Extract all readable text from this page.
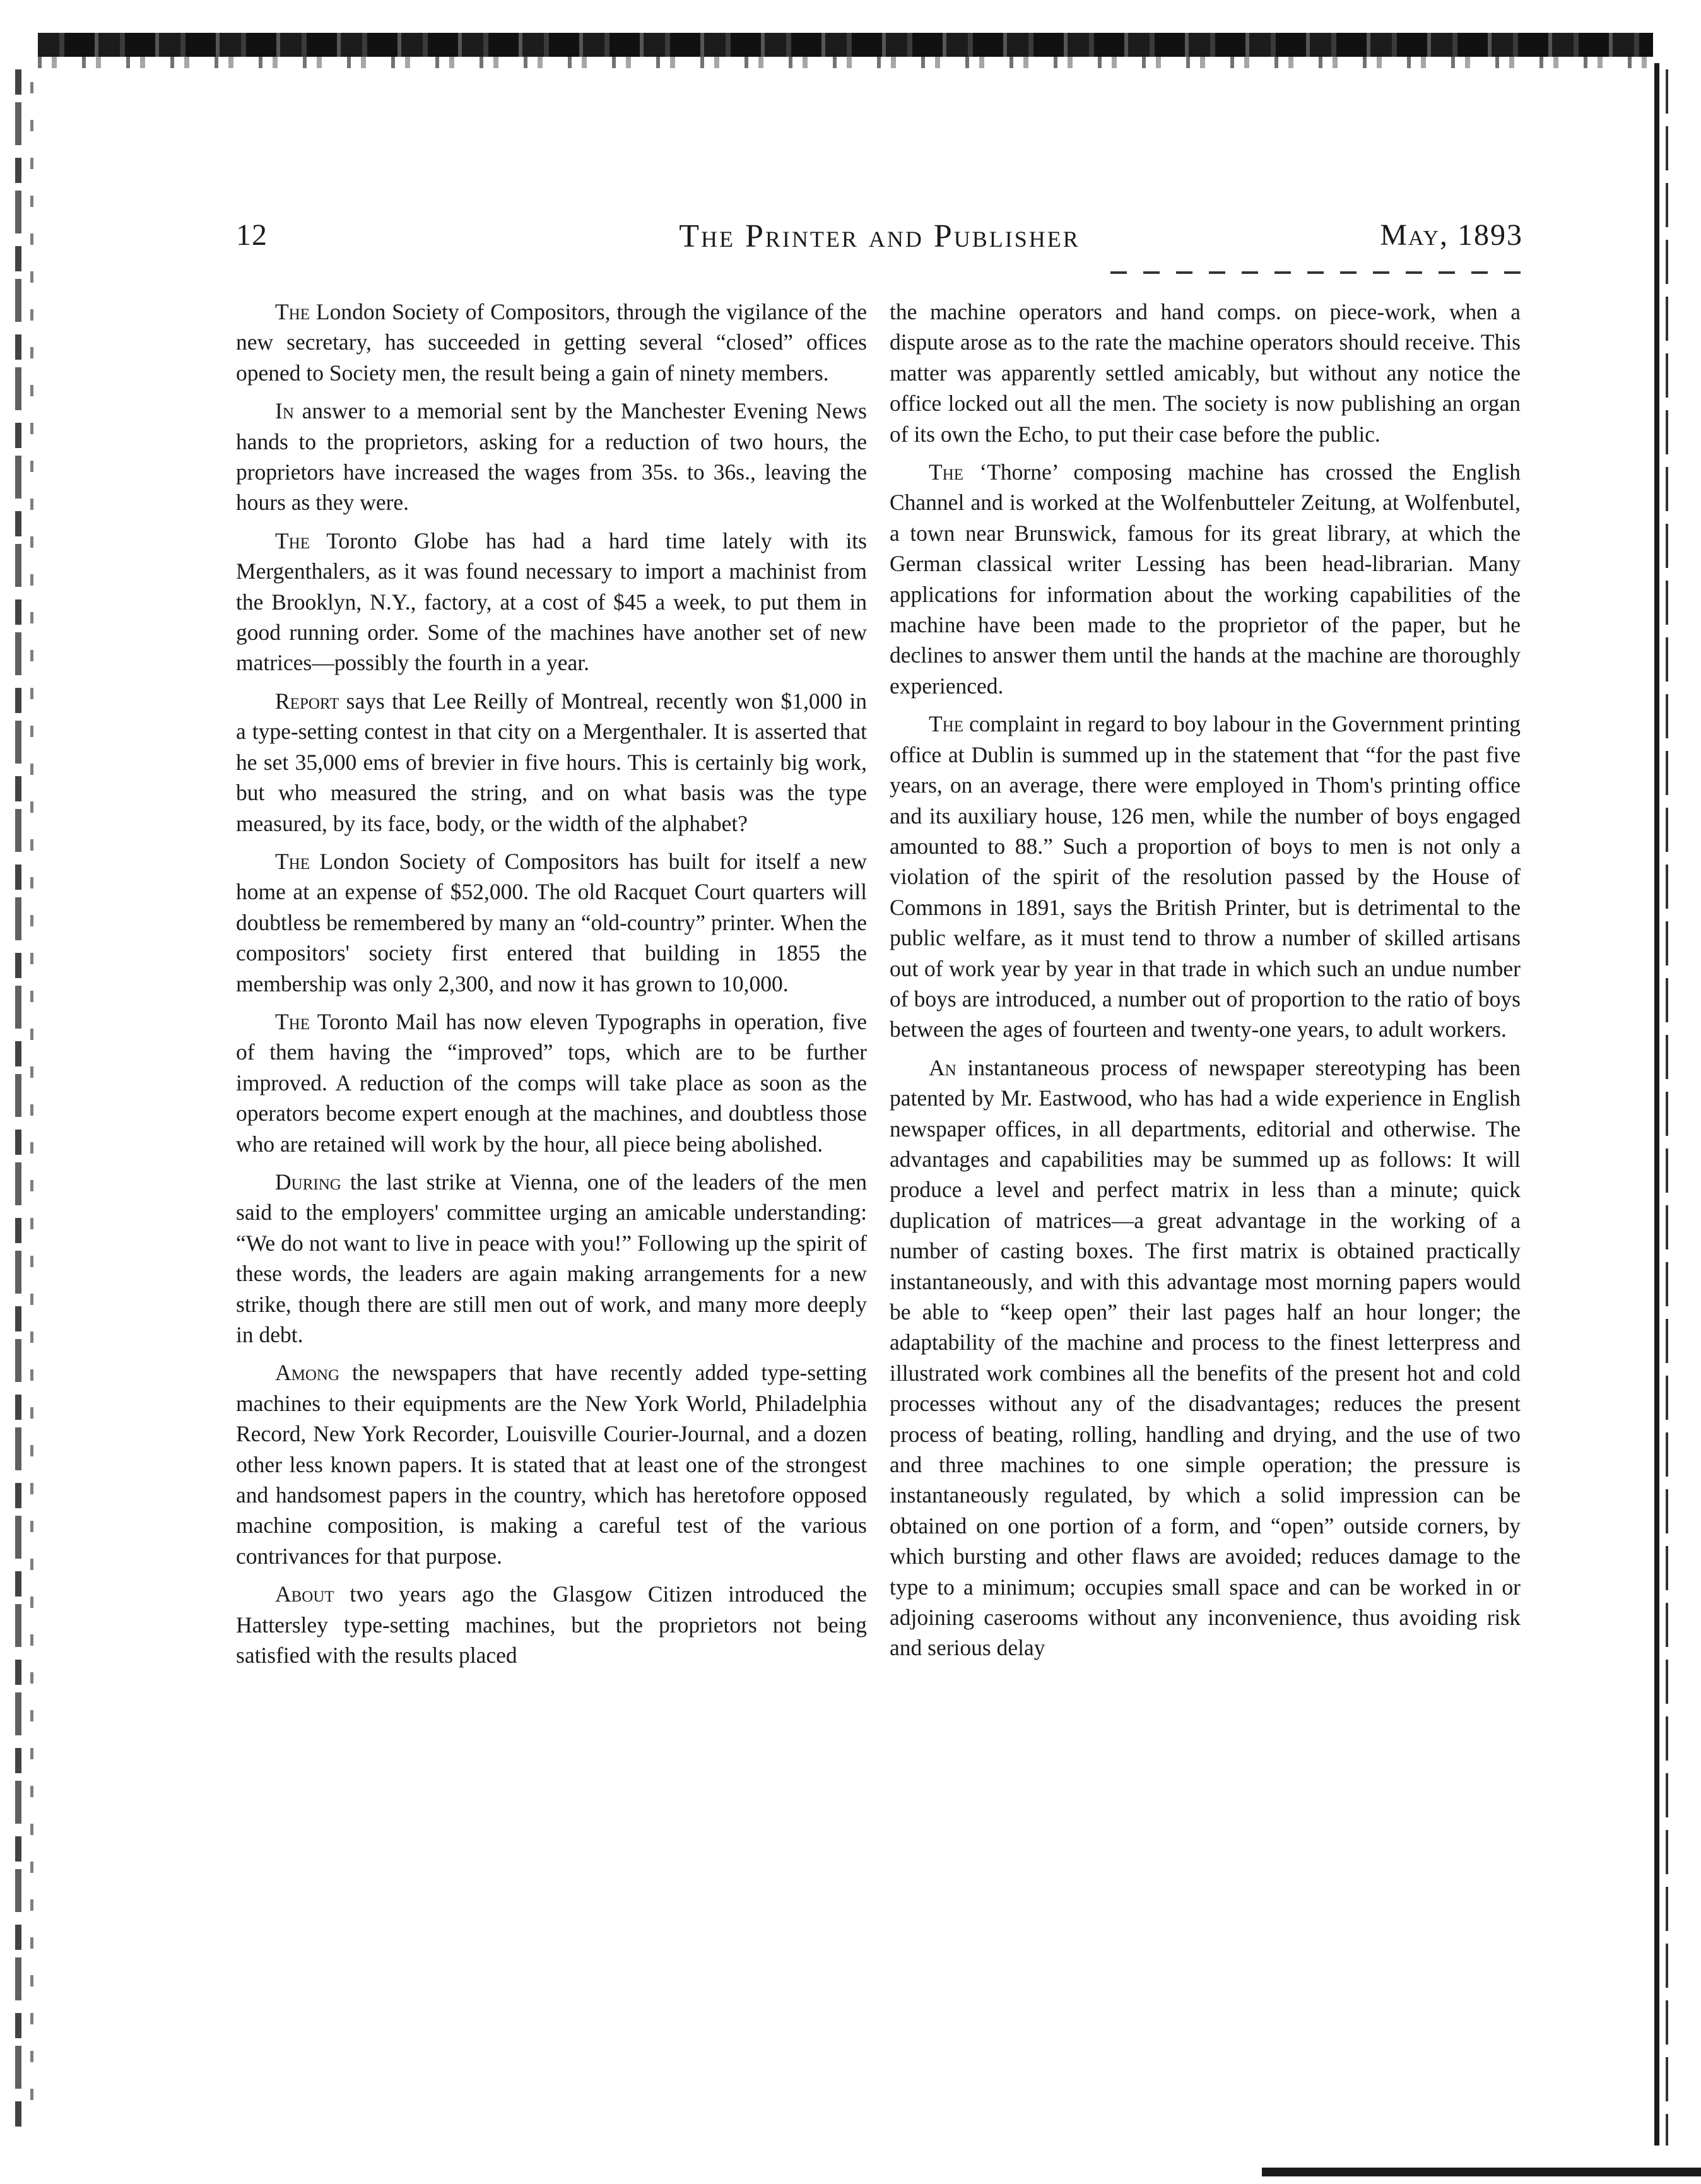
12	The Printer and Publisher	May, 1893

The London Society of Compositors, through the vigilance of the new secretary, has succeeded in getting several “closed” offices opened to Society men, the result being a gain of ninety members.

In answer to a memorial sent by the Manchester Evening News hands to the proprietors, asking for a reduction of two hours, the proprietors have increased the wages from 35s. to 36s., leaving the hours as they were.

The Toronto Globe has had a hard time lately with its Mergenthalers, as it was found necessary to import a machinist from the Brooklyn, N.Y., factory, at a cost of $45 a week, to put them in good running order. Some of the machines have another set of new matrices—possibly the fourth in a year.

Report says that Lee Reilly of Montreal, recently won $1,000 in a type-setting contest in that city on a Mergenthaler. It is asserted that he set 35,000 ems of brevier in five hours. This is certainly big work, but who measured the string, and on what basis was the type measured, by its face, body, or the width of the alphabet?

The London Society of Compositors has built for itself a new home at an expense of $52,000. The old Racquet Court quarters will doubtless be remembered by many an “old-country” printer. When the compositors' society first entered that building in 1855 the membership was only 2,300, and now it has grown to 10,000.

The Toronto Mail has now eleven Typographs in operation, five of them having the “improved” tops, which are to be further improved. A reduction of the comps will take place as soon as the operators become expert enough at the machines, and doubtless those who are retained will work by the hour, all piece being abolished.

During the last strike at Vienna, one of the leaders of the men said to the employers' committee urging an amicable understanding: “We do not want to live in peace with you!” Following up the spirit of these words, the leaders are again making arrangements for a new strike, though there are still men out of work, and many more deeply in debt.

Among the newspapers that have recently added type-setting machines to their equipments are the New York World, Philadelphia Record, New York Recorder, Louisville Courier-Journal, and a dozen other less known papers. It is stated that at least one of the strongest and handsomest papers in the country, which has heretofore opposed machine composition, is making a careful test of the various contrivances for that purpose.

About two years ago the Glasgow Citizen introduced the Hattersley type-setting machines, but the proprietors not being satisfied with the results placed

the machine operators and hand comps. on piece-work, when a dispute arose as to the rate the machine operators should receive. This matter was apparently settled amicably, but without any notice the office locked out all the men. The society is now publishing an organ of its own the Echo, to put their case before the public.

The ‘Thorne’ composing machine has crossed the English Channel and is worked at the Wolfenbutteler Zeitung, at Wolfenbutel, a town near Brunswick, famous for its great library, at which the German classical writer Lessing has been head-librarian. Many applications for information about the working capabilities of the machine have been made to the proprietor of the paper, but he declines to answer them until the hands at the machine are thoroughly experienced.

The complaint in regard to boy labour in the Government printing office at Dublin is summed up in the statement that “for the past five years, on an average, there were employed in Thom's printing office and its auxiliary house, 126 men, while the number of boys engaged amounted to 88.” Such a proportion of boys to men is not only a violation of the spirit of the resolution passed by the House of Commons in 1891, says the British Printer, but is detrimental to the public welfare, as it must tend to throw a number of skilled artisans out of work year by year in that trade in which such an undue number of boys are introduced, a number out of proportion to the ratio of boys between the ages of fourteen and twenty-one years, to adult workers.

An instantaneous process of newspaper stereotyping has been patented by Mr. Eastwood, who has had a wide experience in English newspaper offices, in all departments, editorial and otherwise. The advantages and capabilities may be summed up as follows: It will produce a level and perfect matrix in less than a minute; quick duplication of matrices—a great advantage in the working of a number of casting boxes. The first matrix is obtained practically instantaneously, and with this advantage most morning papers would be able to “keep open” their last pages half an hour longer; the adaptability of the machine and process to the finest letterpress and illustrated work combines all the benefits of the present hot and cold processes without any of the disadvantages; reduces the present process of beating, rolling, handling and drying, and the use of two and three machines to one simple operation; the pressure is instantaneously regulated, by which a solid impression can be obtained on one portion of a form, and “open” outside corners, by which bursting and other flaws are avoided; reduces damage to the type to a minimum; occupies small space and can be worked in or adjoining caserooms without any inconvenience, thus avoiding risk and serious delay
